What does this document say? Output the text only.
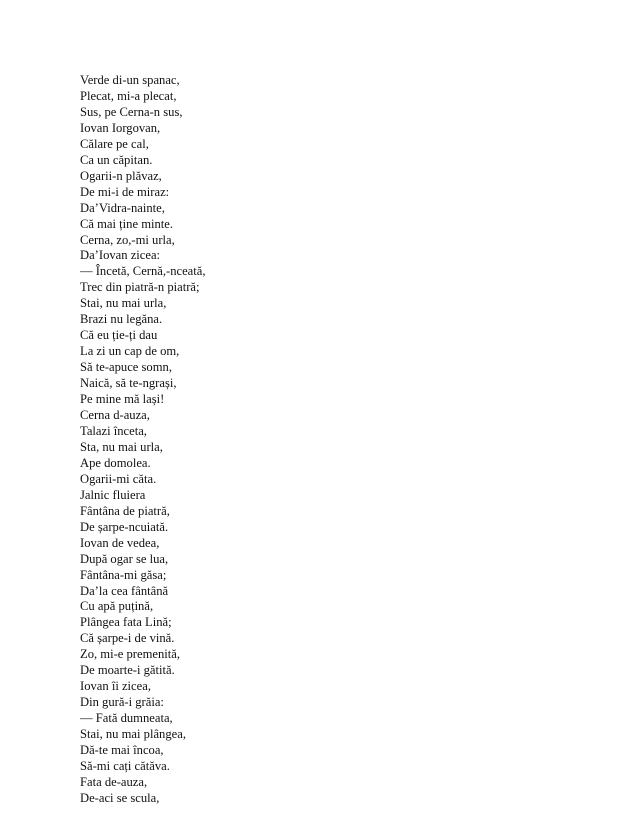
Verde di-un spanac,
Plecat, mi-a plecat,
Sus, pe Cerna-n sus,
Iovan Iorgovan,
Călare pe cal,
Ca un căpitan.
Ogarii-n plăvaz,
De mi-i de miraz:
Da’Vidra-nainte,
Că mai ține minte.
Cerna, zo,-mi urla,
Da’Iovan zicea:
— Încetă, Cernă,-nceată,
Trec din piatră-n piatră;
Stai, nu mai urla,
Brazi nu legăna.
Că eu ție-ți dau
La zi un cap de om,
Să te-apuce somn,
Naică, să te-ngrași,
Pe mine mă lași!
Cerna d-auza,
Talazi înceta,
Sta, nu mai urla,
Ape domolea.
Ogarii-mi căta.
Jalnic fluiera
Fântâna de piatră,
De șarpe-ncuiată.
Iovan de vedea,
După ogar se lua,
Fântâna-mi găsa;
Da’la cea fântână
Cu apă puțină,
Plângea fata Lină;
Că șarpe-i de vină.
Zo, mi-e premenită,
De moarte-i gătită.
Iovan îi zicea,
Din gură-i grăia:
— Fată dumneata,
Stai, nu mai plângea,
Dă-te mai încoa,
Să-mi cați cătăva.
Fata de-auza,
De-aci se scula,
